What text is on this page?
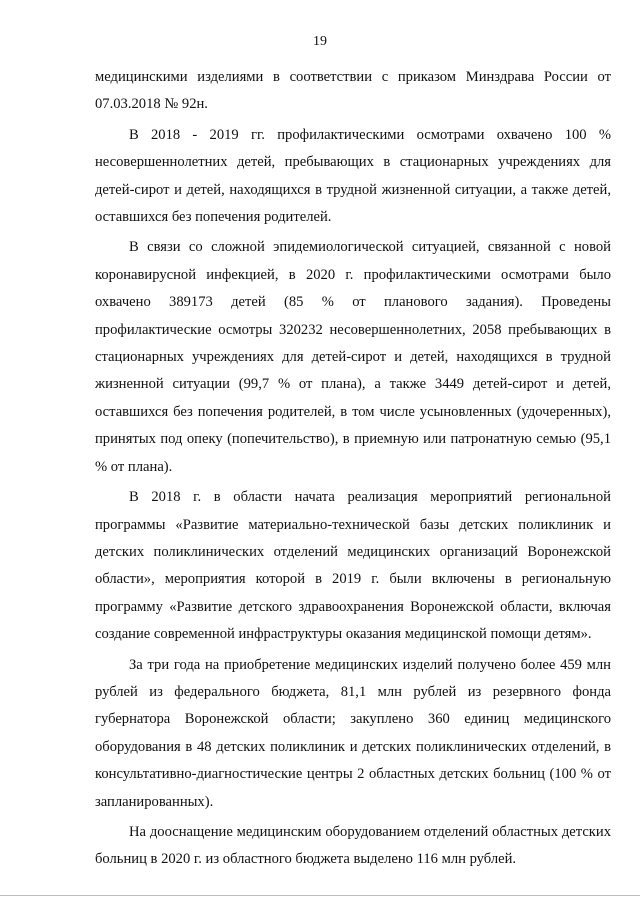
19

медицинскими изделиями в соответствии с приказом Минздрава России от 07.03.2018 № 92н.

В 2018 - 2019 гг. профилактическими осмотрами охвачено 100 % несовершеннолетних детей, пребывающих в стационарных учреждениях для детей-сирот и детей, находящихся в трудной жизненной ситуации, а также детей, оставшихся без попечения родителей.

В связи со сложной эпидемиологической ситуацией, связанной с новой коронавирусной инфекцией, в 2020 г. профилактическими осмотрами было охвачено 389173 детей (85 % от планового задания). Проведены профилактические осмотры 320232 несовершеннолетних, 2058 пребывающих в стационарных учреждениях для детей-сирот и детей, находящихся в трудной жизненной ситуации (99,7 % от плана), а также 3449 детей-сирот и детей, оставшихся без попечения родителей, в том числе усыновленных (удочеренных), принятых под опеку (попечительство), в приемную или патронатную семью (95,1 % от плана).

В 2018 г. в области начата реализация мероприятий региональной программы «Развитие материально-технической базы детских поликлиник и детских поликлинических отделений медицинских организаций Воронежской области», мероприятия которой в 2019 г. были включены в региональную программу «Развитие детского здравоохранения Воронежской области, включая создание современной инфраструктуры оказания медицинской помощи детям».

За три года на приобретение медицинских изделий получено более 459 млн рублей из федерального бюджета, 81,1 млн рублей из резервного фонда губернатора Воронежской области; закуплено 360 единиц медицинского оборудования в 48 детских поликлиник и детских поликлинических отделений, в консультативно-диагностические центры 2 областных детских больниц (100 % от запланированных).

На дооснащение медицинским оборудованием отделений областных детских больниц в 2020 г. из областного бюджета выделено 116 млн рублей.
